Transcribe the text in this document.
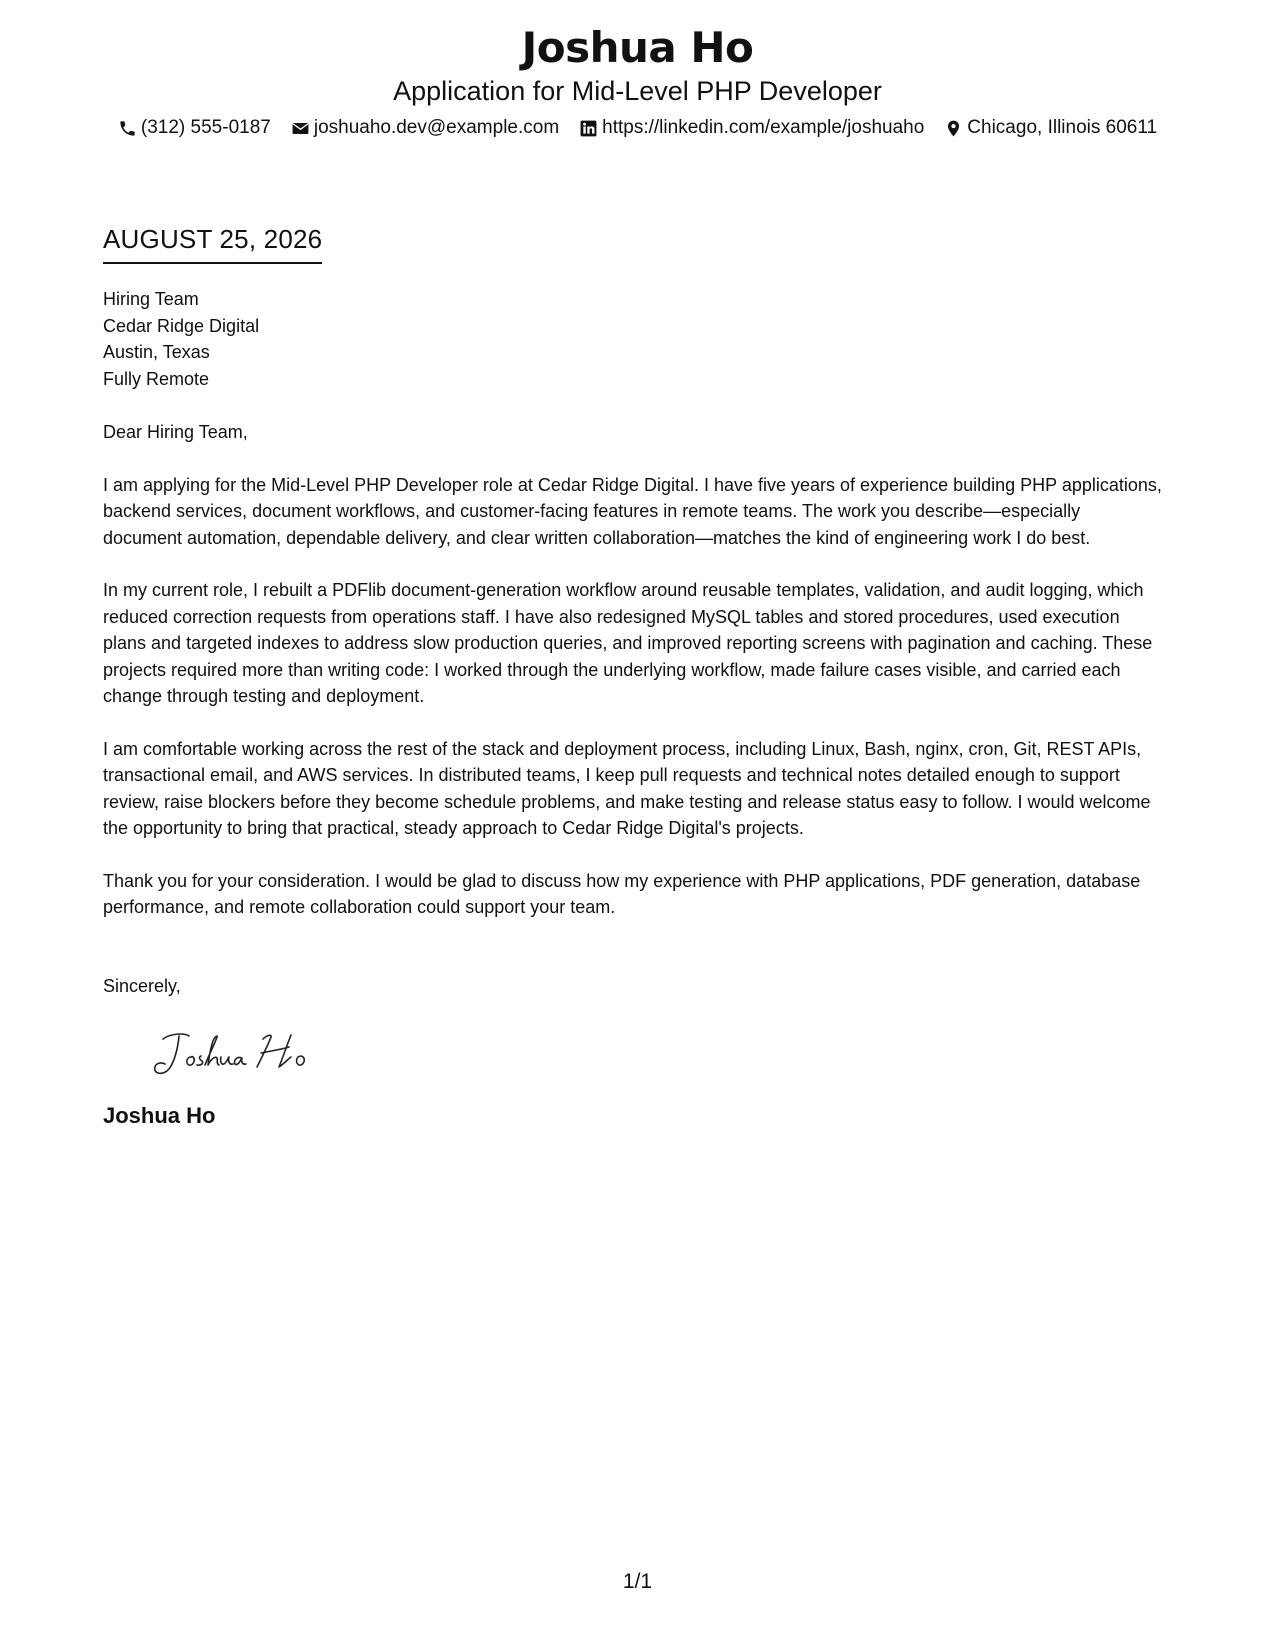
Joshua Ho
Application for Mid-Level PHP Developer
(312) 555-0187 joshuaho.dev@example.com https://linkedin.com/example/joshuaho Chicago, Illinois 60611
AUGUST 25, 2026
Hiring Team
Cedar Ridge Digital
Austin, Texas
Fully Remote
Dear Hiring Team,
I am applying for the Mid-Level PHP Developer role at Cedar Ridge Digital. I have five years of experience building PHP applications, backend services, document workflows, and customer-facing features in remote teams. The work you describe—especially document automation, dependable delivery, and clear written collaboration—matches the kind of engineering work I do best.
In my current role, I rebuilt a PDFlib document-generation workflow around reusable templates, validation, and audit logging, which reduced correction requests from operations staff. I have also redesigned MySQL tables and stored procedures, used execution plans and targeted indexes to address slow production queries, and improved reporting screens with pagination and caching. These projects required more than writing code: I worked through the underlying workflow, made failure cases visible, and carried each change through testing and deployment.
I am comfortable working across the rest of the stack and deployment process, including Linux, Bash, nginx, cron, Git, REST APIs, transactional email, and AWS services. In distributed teams, I keep pull requests and technical notes detailed enough to support review, raise blockers before they become schedule problems, and make testing and release status easy to follow. I would welcome the opportunity to bring that practical, steady approach to Cedar Ridge Digital's projects.
Thank you for your consideration. I would be glad to discuss how my experience with PHP applications, PDF generation, database performance, and remote collaboration could support your team.
Sincerely,
Joshua Ho
1/1
